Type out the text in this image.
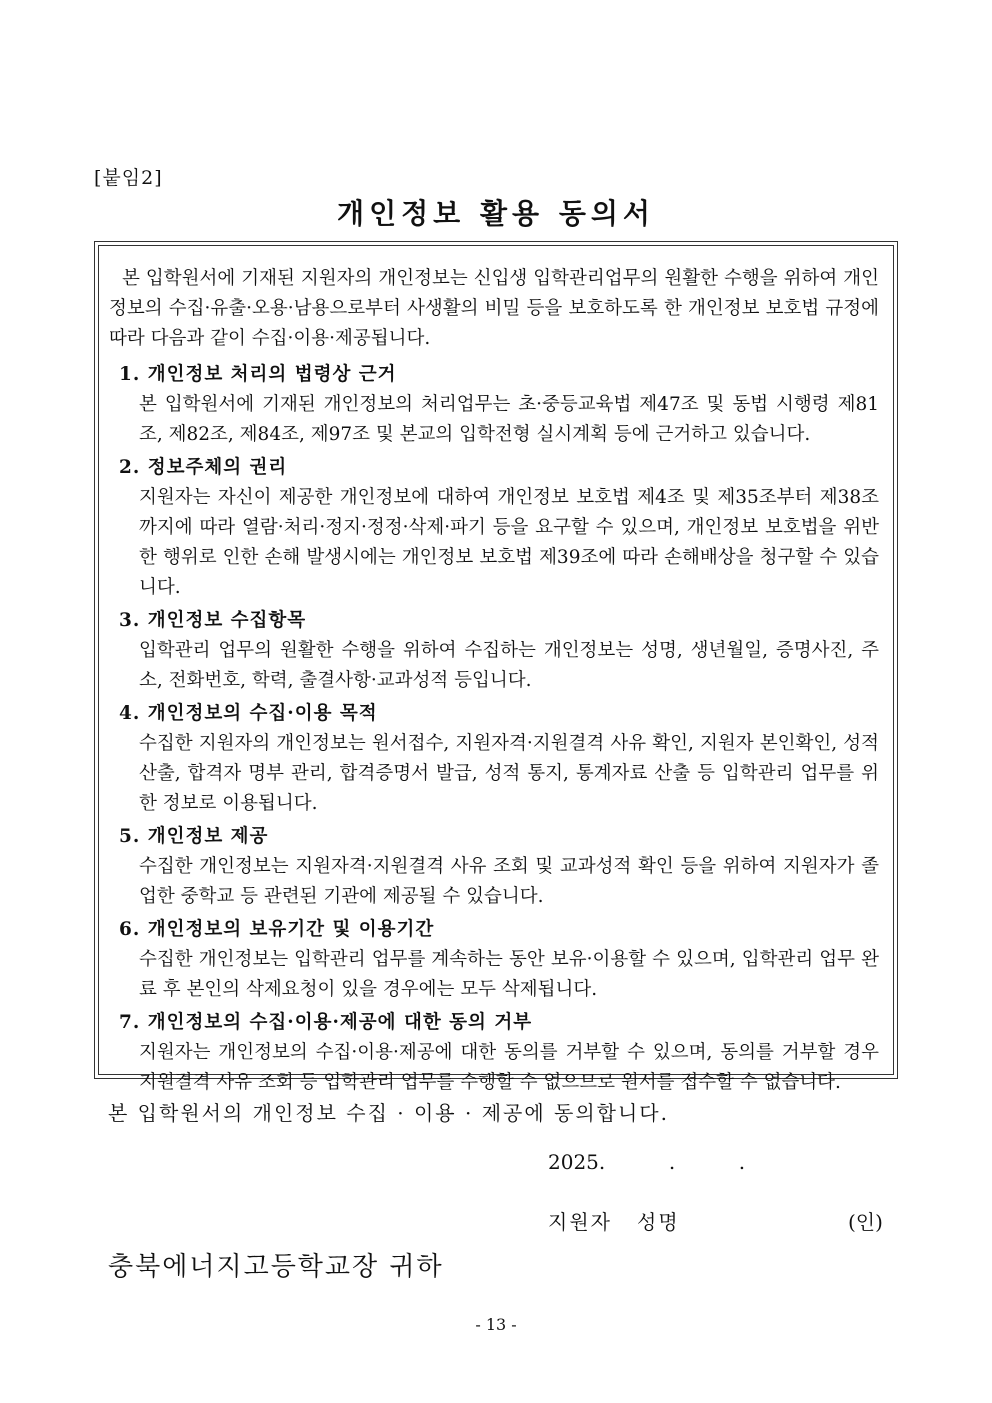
[붙임2]
개인정보 활용 동의서

본 입학원서에 기재된 지원자의 개인정보는 신입생 입학관리업무의 원활한 수행을 위하여 개인정보의 수집·유출·오용·남용으로부터 사생활의 비밀 등을 보호하도록 한 개인정보 보호법 규정에 따라 다음과 같이 수집·이용·제공됩니다.

1. 개인정보 처리의 법령상 근거

본 입학원서에 기재된 개인정보의 처리업무는 초·중등교육법 제47조 및 동법 시행령 제81조, 제82조, 제84조, 제97조 및 본교의 입학전형 실시계획 등에 근거하고 있습니다.

2. 정보주체의 권리

지원자는 자신이 제공한 개인정보에 대하여 개인정보 보호법 제4조 및 제35조부터 제38조까지에 따라 열람·처리·정지·정정·삭제·파기 등을 요구할 수 있으며, 개인정보 보호법을 위반한 행위로 인한 손해 발생시에는 개인정보 보호법 제39조에 따라 손해배상을 청구할 수 있습니다.

3. 개인정보 수집항목

입학관리 업무의 원활한 수행을 위하여 수집하는 개인정보는 성명, 생년월일, 증명사진, 주소, 전화번호, 학력, 출결사항·교과성적 등입니다.

4. 개인정보의 수집·이용 목적

수집한 지원자의 개인정보는 원서접수, 지원자격·지원결격 사유 확인, 지원자 본인확인, 성적산출, 합격자 명부 관리, 합격증명서 발급, 성적 통지, 통계자료 산출 등 입학관리 업무를 위한 정보로 이용됩니다.

5. 개인정보 제공

수집한 개인정보는 지원자격·지원결격 사유 조회 및 교과성적 확인 등을 위하여 지원자가 졸업한 중학교 등 관련된 기관에 제공될 수 있습니다.

6. 개인정보의 보유기간 및 이용기간

수집한 개인정보는 입학관리 업무를 계속하는 동안 보유·이용할 수 있으며, 입학관리 업무 완료 후 본인의 삭제요청이 있을 경우에는 모두 삭제됩니다.

7. 개인정보의 수집·이용·제공에 대한 동의 거부

지원자는 개인정보의 수집·이용·제공에 대한 동의를 거부할 수 있으며, 동의를 거부할 경우 지원결격 사유 조회 등 입학관리 업무를 수행할 수 없으므로 원서를 접수할 수 없습니다.

본 입학원서의 개인정보 수집 · 이용 · 제공에 동의합니다.
2025.          .          .
지원자   성명	(인)
충북에너지고등학교장 귀하
- 13 -
